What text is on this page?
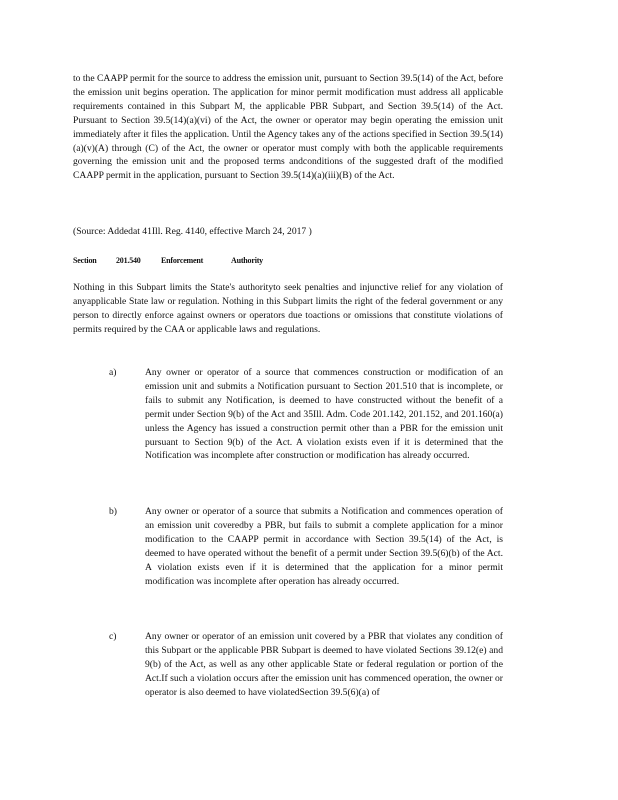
to the CAAPP permit for the source to address the emission unit, pursuant to Section 39.5(14) of the Act, before the emission unit begins operation. The application for minor permit modification must address all applicable requirements contained in this Subpart M, the applicable PBR Subpart, and Section 39.5(14) of the Act. Pursuant to Section 39.5(14)(a)(vi) of the Act, the owner or operator may begin operating the emission unit immediately after it files the application. Until the Agency takes any of the actions specified in Section 39.5(14)(a)(v)(A) through (C) of the Act, the owner or operator must comply with both the applicable requirements governing the emission unit and the proposed terms andconditions of the suggested draft of the modified CAAPP permit in the application, pursuant to Section 39.5(14)(a)(iii)(B) of the Act.

(Source: Addedat 41Ill. Reg. 4140, effective March 24, 2017 )

Section 201.540	Enforcement	Authority

Nothing in this Subpart limits the State's authorityto seek penalties and injunctive relief for any violation of anyapplicable State law or regulation. Nothing in this Subpart limits the right of the federal government or any person to directly enforce against owners or operators due toactions or omissions that constitute violations of permits required by the CAA or applicable laws and regulations.

a)	Any owner or operator of a source that commences construction or modification of an emission unit and submits a Notification pursuant to Section 201.510 that is incomplete, or fails to submit any Notification, is deemed to have constructed without the benefit of a permit under Section 9(b) of the Act and 35Ill. Adm. Code 201.142, 201.152, and 201.160(a) unless the Agency has issued a construction permit other than a PBR for the emission unit pursuant to Section 9(b) of the Act. A violation exists even if it is determined that the Notification was incomplete after construction or modification has already occurred.
b)	Any owner or operator of a source that submits a Notification and commences operation of an emission unit coveredby a PBR, but fails to submit a complete application for a minor modification to the CAAPP permit in accordance with Section 39.5(14) of the Act, is deemed to have operated without the benefit of a permit under Section 39.5(6)(b) of the Act. A violation exists even if it is determined that the application for a minor permit modification was incomplete after operation has already occurred.
c)	Any owner or operator of an emission unit covered by a PBR that violates any condition of this Subpart or the applicable PBR Subpart is deemed to have violated Sections 39.12(e) and 9(b) of the Act, as well as any other applicable State or federal regulation or portion of the Act.If such a violation occurs after the emission unit has commenced operation, the owner or operator is also deemed to have violatedSection 39.5(6)(a) of
